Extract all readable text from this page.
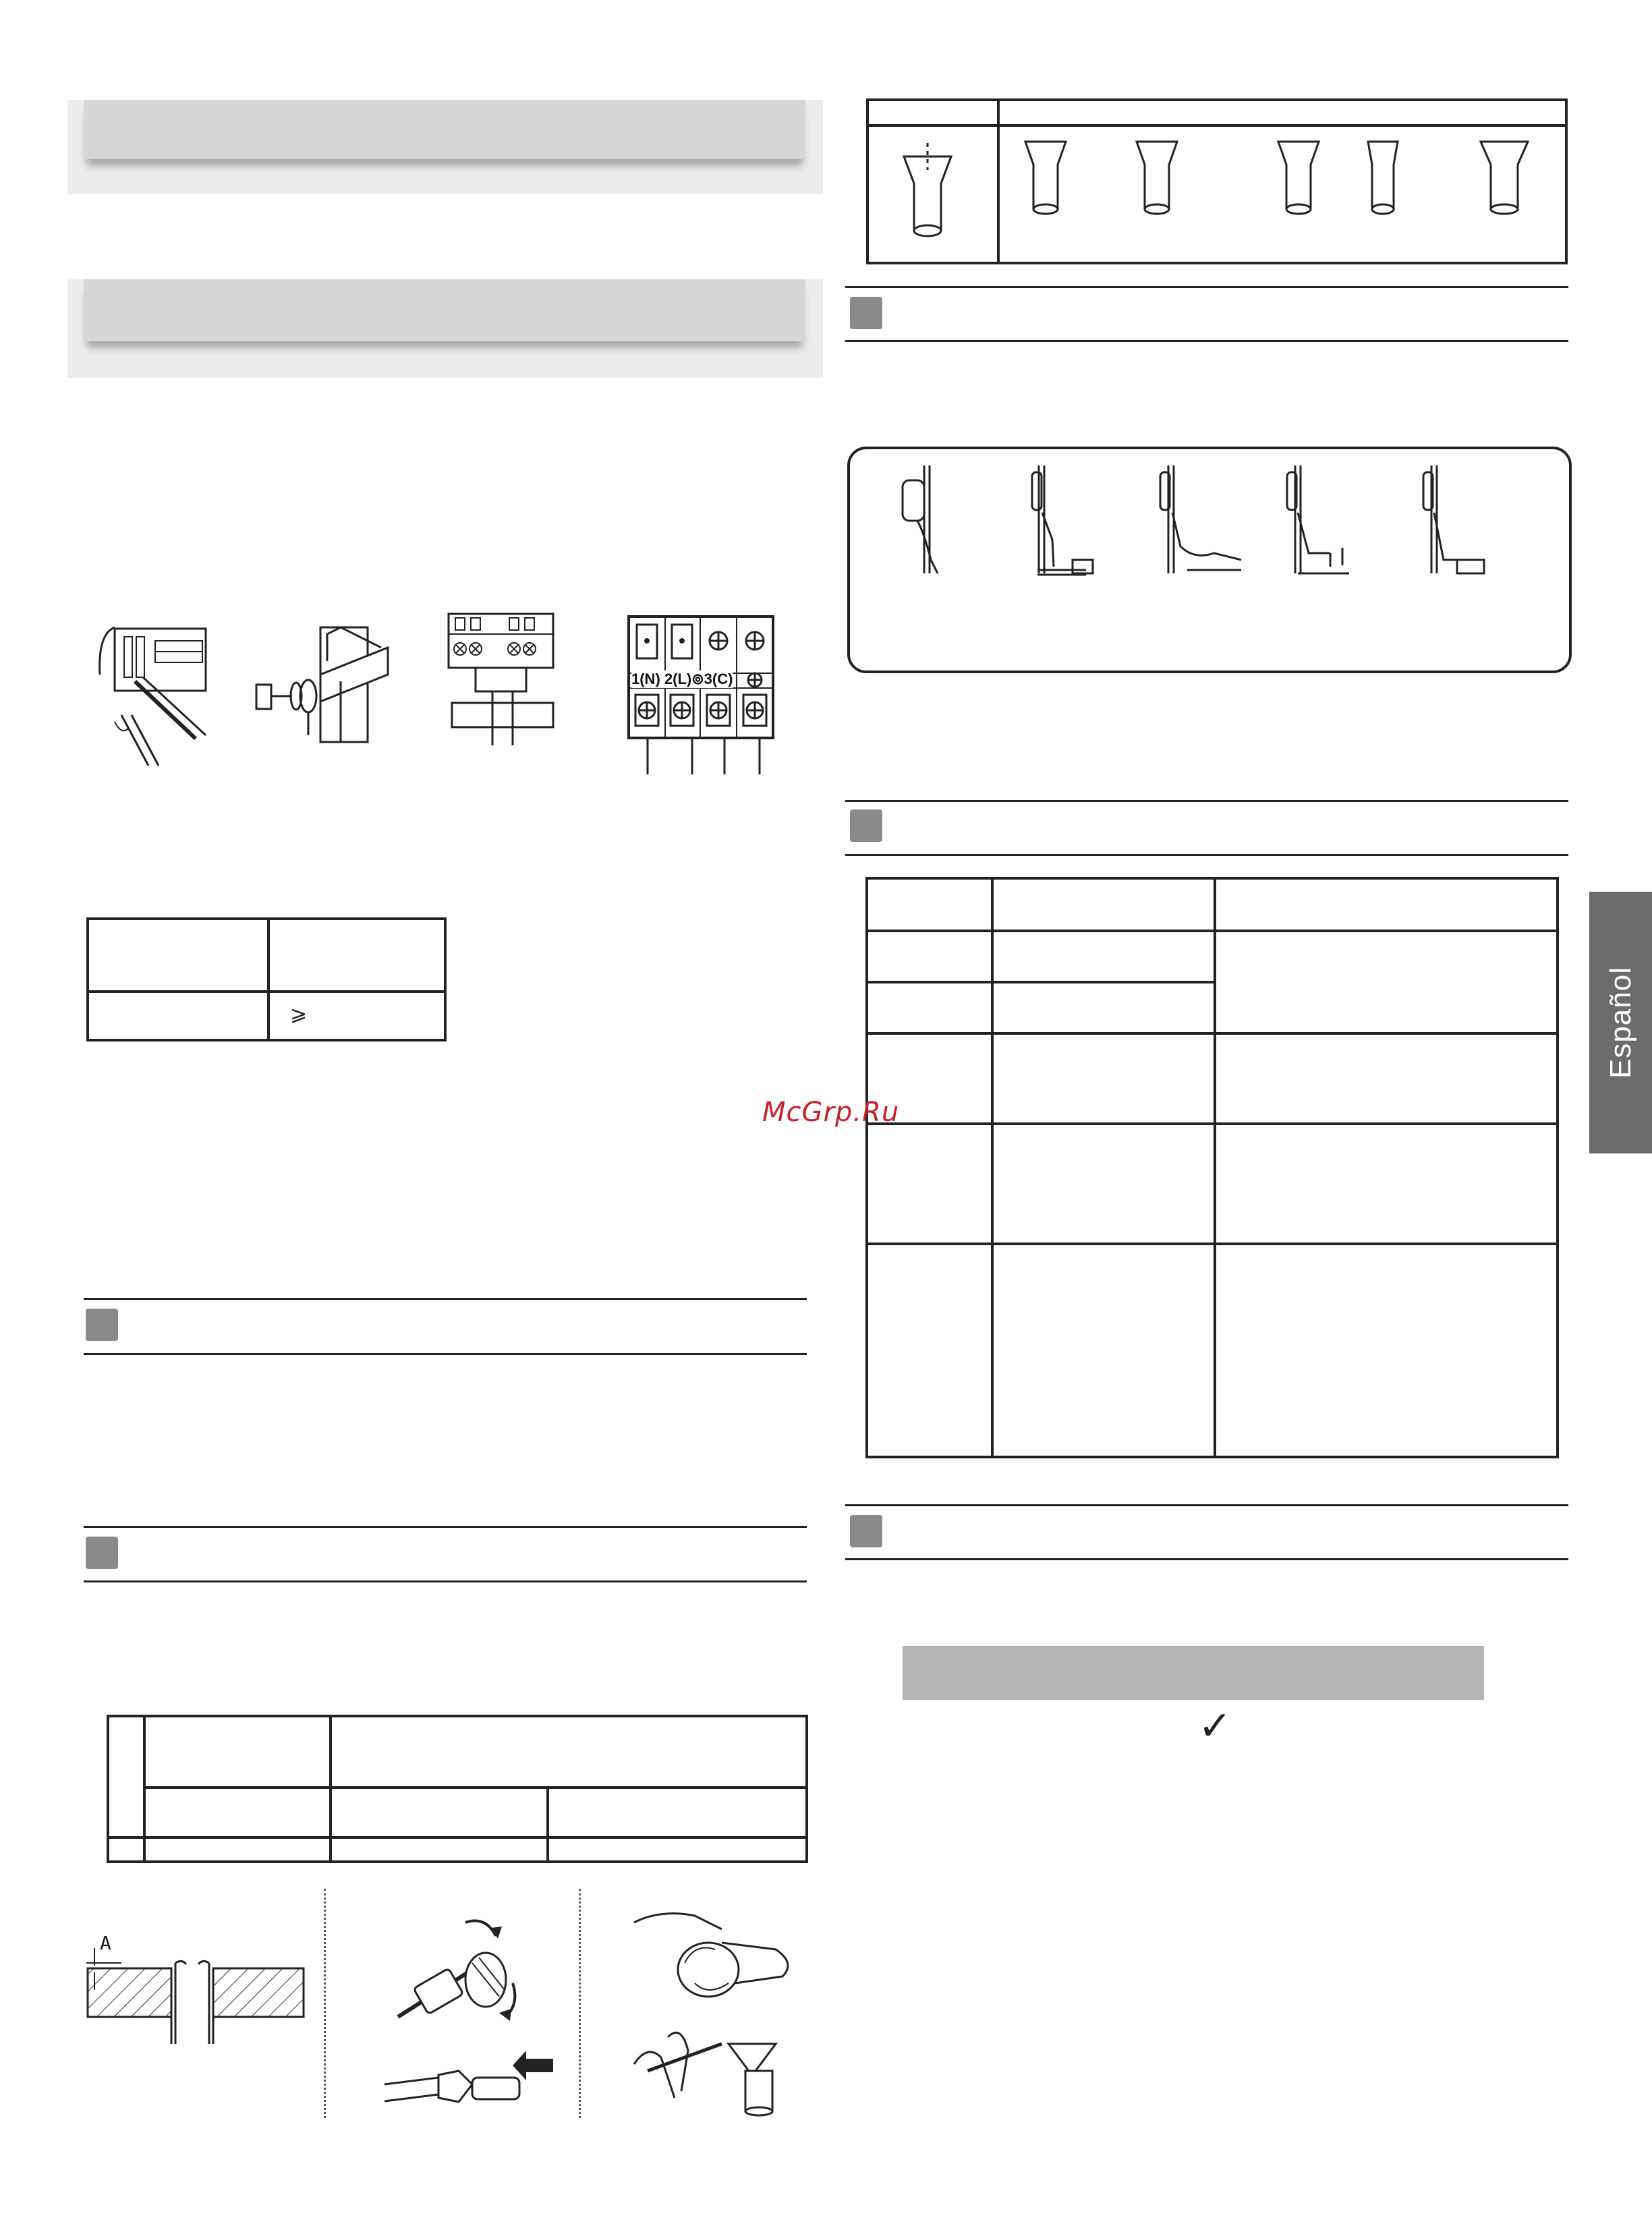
1(N) 2(L)⊚3(C)

	⩾

A

✓
Español
McGrp.Ru
